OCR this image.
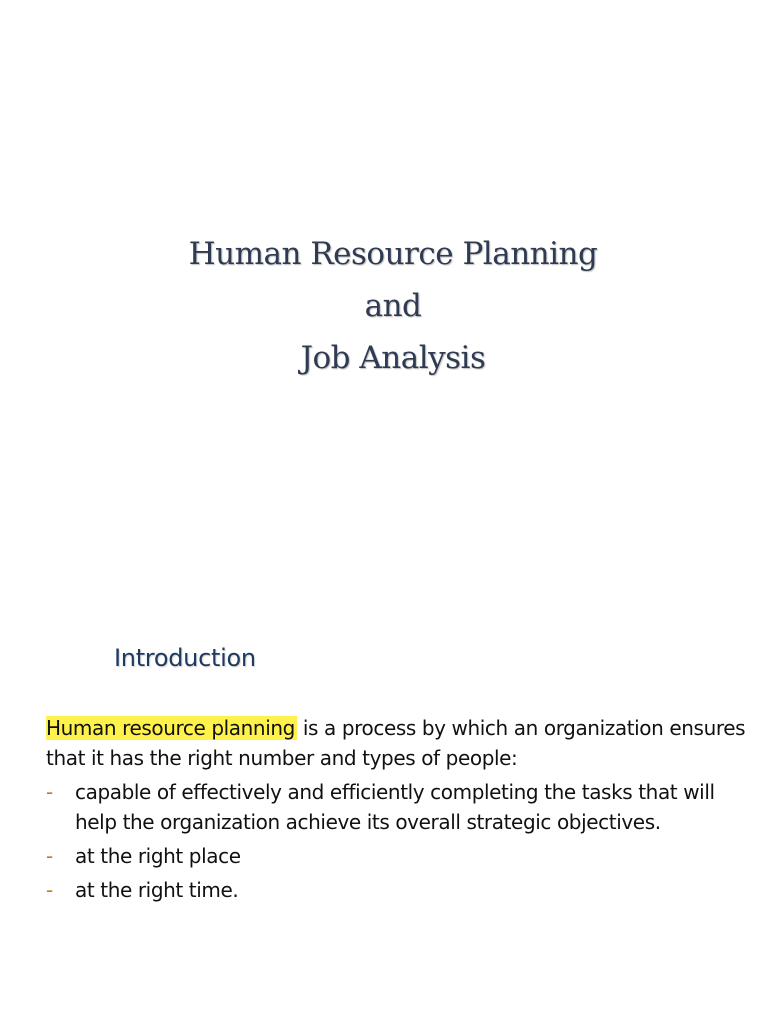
Human Resource Planning
and
Job Analysis
Introduction
Human resource planning is a process by which an organization ensures that it has the right number and types of people:
- capable of effectively and efficiently completing the tasks that will help the organization achieve its overall strategic objectives.
- at the right place
- at the right time.
